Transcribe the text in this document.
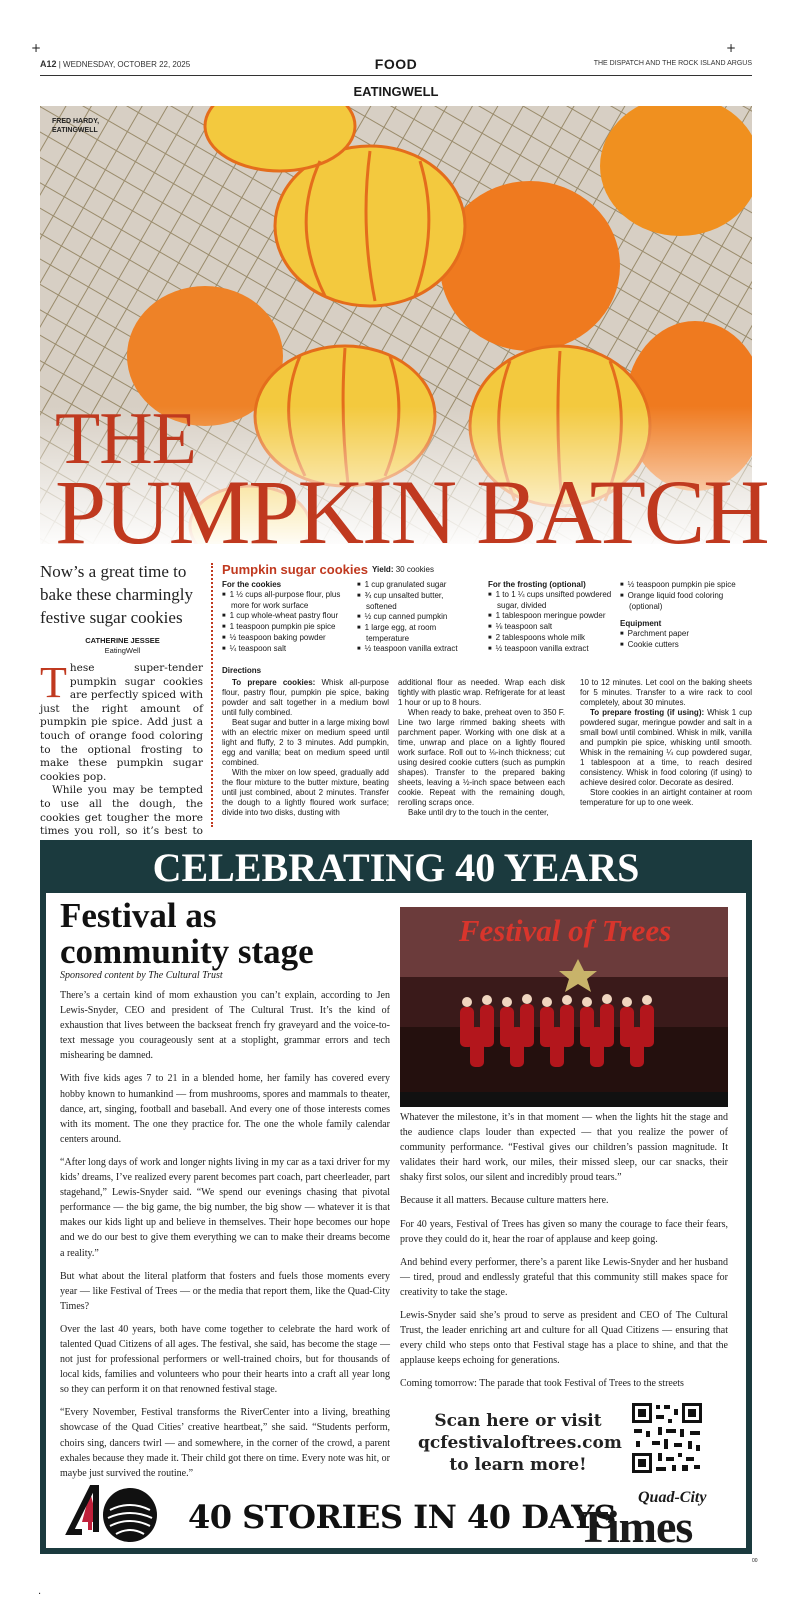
+	+
A12 | WEDNESDAY, OCTOBER 22, 2025	FOOD	THE DISPATCH AND THE ROCK ISLAND ARGUS
EATINGWELL
FRED HARDY,
EATINGWELL
THE
PUMPKIN BATCH
Now’s a great time to bake these charmingly festive sugar cookies
CATHERINE JESSEE
EatingWell

These super-tender pumpkin sugar cookies are perfectly spiced with just the right amount of pumpkin pie spice. Add just a touch of orange food coloring to the optional frosting to make these pumpkin sugar cookies pop.

While you may be tempted to use all the dough, the cookies get tougher the more times you roll, so it’s best to

Pumpkin sugar cookies Yield: 30 cookies
For the cookies
■ 1 ½ cups all-purpose flour, plus more for work surface
■ 1 cup whole-wheat pastry flour
■ 1 teaspoon pumpkin pie spice
■ ½ teaspoon baking powder
■ ¼ teaspoon salt
■ 1 cup granulated sugar
■ ¾ cup unsalted butter, softened
■ ½ cup canned pumpkin
■ 1 large egg, at room temperature
■ ½ teaspoon vanilla extract
For the frosting (optional)
■ 1 to 1 ¼ cups unsifted powdered sugar, divided
■ 1 tablespoon meringue powder
■ ⅛ teaspoon salt
■ 2 tablespoons whole milk
■ ½ teaspoon vanilla extract
■ ½ teaspoon pumpkin pie spice
■ Orange liquid food coloring (optional)
Equipment
■ Parchment paper
■ Cookie cutters
Directions

To prepare cookies: Whisk all-purpose flour, pastry flour, pumpkin pie spice, baking powder and salt together in a medium bowl until fully combined.

Beat sugar and butter in a large mixing bowl with an electric mixer on medium speed until light and fluffy, 2 to 3 minutes. Add pumpkin, egg and vanilla; beat on medium speed until combined.

With the mixer on low speed, gradually add the flour mixture to the butter mixture, beating until just combined, about 2 minutes. Transfer the dough to a lightly floured work surface; divide into two disks, dusting with

additional flour as needed. Wrap each disk tightly with plastic wrap. Refrigerate for at least 1 hour or up to 8 hours.

When ready to bake, preheat oven to 350 F. Line two large rimmed baking sheets with parchment paper. Working with one disk at a time, unwrap and place on a lightly floured work surface. Roll out to ⅛-inch thickness; cut using desired cookie cutters (such as pumpkin shapes). Transfer to the prepared baking sheets, leaving a ½-inch space between each cookie. Repeat with the remaining dough, rerolling scraps once.

Bake until dry to the touch in the center,

10 to 12 minutes. Let cool on the baking sheets for 5 minutes. Transfer to a wire rack to cool completely, about 30 minutes.

To prepare frosting (if using): Whisk 1 cup powdered sugar, meringue powder and salt in a small bowl until combined. Whisk in milk, vanilla and pumpkin pie spice, whisking until smooth. Whisk in the remaining ¼ cup powdered sugar, 1 tablespoon at a time, to reach desired consistency. Whisk in food coloring (if using) to achieve desired color. Decorate as desired.

Store cookies in an airtight container at room temperature for up to one week.

CELEBRATING 40 YEARS
Festival as
community stage
Sponsored content by The Cultural Trust

There’s a certain kind of mom exhaustion you can’t explain, according to Jen Lewis-Snyder, CEO and president of The Cultural Trust. It’s the kind of exhaustion that lives between the backseat french fry graveyard and the voice-to-text message you courageously sent at a stoplight, grammar errors and tech mishearing be damned.

With five kids ages 7 to 21 in a blended home, her family has covered every hobby known to humankind — from mushrooms, spores and mammals to theater, dance, art, singing, football and baseball. And every one of those interests comes with its moment. The one they practice for. The one the whole family calendar centers around.

“After long days of work and longer nights living in my car as a taxi driver for my kids’ dreams, I’ve realized every parent becomes part coach, part cheerleader, part stagehand,” Lewis-Snyder said. “We spend our evenings chasing that pivotal performance — the big game, the big number, the big show — whatever it is that makes our kids light up and believe in themselves. Their hope becomes our hope and we do our best to give them everything we can to make their dreams become a reality.”

But what about the literal platform that fosters and fuels those moments every year — like Festival of Trees — or the media that report them, like the Quad-City Times?

Over the last 40 years, both have come together to celebrate the hard work of talented Quad Citizens of all ages. The festival, she said, has become the stage — not just for professional performers or well-trained choirs, but for thousands of local kids, families and volunteers who pour their hearts into a craft all year long so they can perform it on that renowned festival stage.

“Every November, Festival transforms the RiverCenter into a living, breathing showcase of the Quad Cities’ creative heartbeat,” she said. “Students perform, choirs sing, dancers twirl — and somewhere, in the corner of the crowd, a parent exhales because they made it. Their child got there on time. Every note was hit, or maybe just survived the routine.”

Festival of Trees

Whatever the milestone, it’s in that moment — when the lights hit the stage and the audience claps louder than expected — that you realize the power of community performance. “Festival gives our children’s passion magnitude. It validates their hard work, our miles, their missed sleep, our car snacks, their shaky first solos, our silent and incredibly proud tears.”

Because it all matters. Because culture matters here.

For 40 years, Festival of Trees has given so many the courage to face their fears, prove they could do it, hear the roar of applause and keep going.

And behind every performer, there’s a parent like Lewis-Snyder and her husband — tired, proud and endlessly grateful that this community still makes space for creativity to take the stage.

Lewis-Snyder said she’s proud to serve as president and CEO of The Cultural Trust, the leader enriching art and culture for all Quad Citizens — ensuring that every child who steps onto that Festival stage has a place to shine, and that the applause keeps echoing for generations.

Coming tomorrow: The parade that took Festival of Trees to the streets

Scan here or visit
qcfestivaloftrees.com
to learn more!
40 STORIES IN 40 DAYS
Quad-City
Times
00
.
